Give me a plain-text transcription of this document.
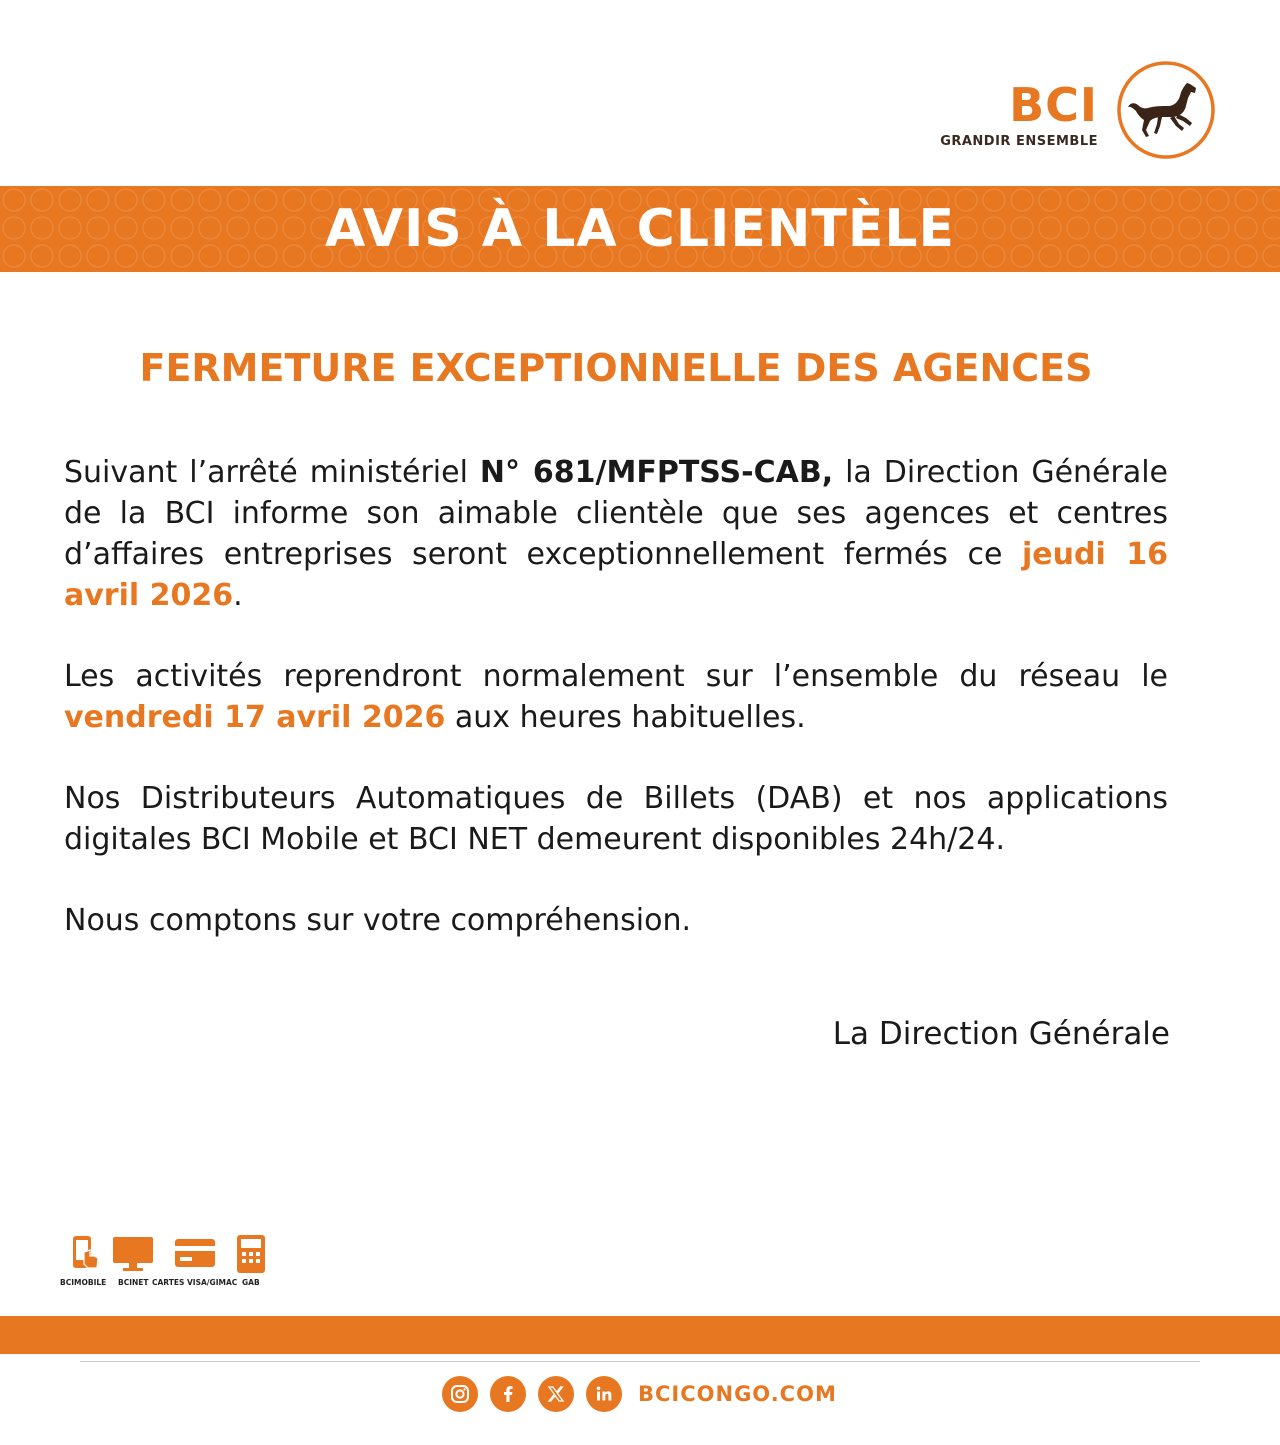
BCI
GRANDIR ENSEMBLE
AVIS À LA CLIENTÈLE
FERMETURE EXCEPTIONNELLE DES AGENCES

Suivant l’arrêté ministériel N° 681/MFPTSS-CAB, la Direction Générale de la BCI informe son aimable clientèle que ses agences et centres d’affaires entreprises seront exceptionnellement fermés ce jeudi 16 avril 2026.

Les activités reprendront normalement sur l’ensemble du réseau le vendredi 17 avril 2026 aux heures habituelles.

Nos Distributeurs Automatiques de Billets (DAB) et nos applications digitales BCI Mobile et BCI NET demeurent disponibles 24h/24.

Nous comptons sur votre compréhension.

La Direction Générale
BCIMOBILE BCINET CARTES VISA/GIMAC GAB
BCICONGO.COM
